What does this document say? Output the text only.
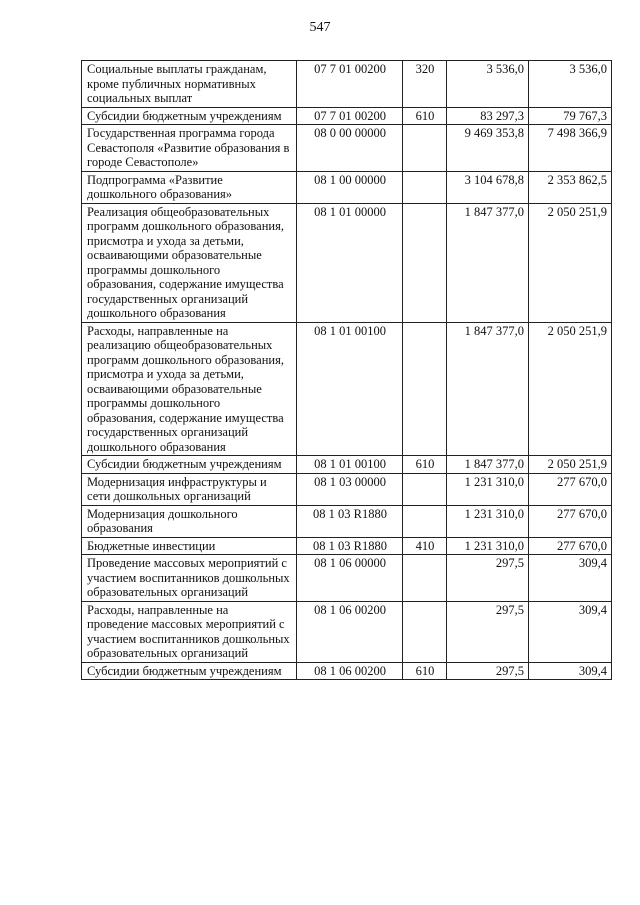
547
Социальные выплаты гражданам, кроме публичных нормативных социальных выплат	07 7 01 00200	320	3 536,0	3 536,0
Субсидии бюджетным учреждениям	07 7 01 00200	610	83 297,3	79 767,3
Государственная программа города Севастополя «Развитие образования в городе Севастополе»	08 0 00 00000		9 469 353,8	7 498 366,9
Подпрограмма «Развитие дошкольного образования»	08 1 00 00000		3 104 678,8	2 353 862,5
Реализация общеобразовательных программ дошкольного образования, присмотра и ухода за детьми, осваивающими образовательные программы дошкольного образования, содержание имущества государственных организаций дошкольного образования	08 1 01 00000		1 847 377,0	2 050 251,9
Расходы, направленные на реализацию общеобразовательных программ дошкольного образования, присмотра и ухода за детьми, осваивающими образовательные программы дошкольного образования, содержание имущества государственных организаций дошкольного образования	08 1 01 00100		1 847 377,0	2 050 251,9
Субсидии бюджетным учреждениям	08 1 01 00100	610	1 847 377,0	2 050 251,9
Модернизация инфраструктуры и сети дошкольных организаций	08 1 03 00000		1 231 310,0	277 670,0
Модернизация дошкольного образования	08 1 03 R1880		1 231 310,0	277 670,0
Бюджетные инвестиции	08 1 03 R1880	410	1 231 310,0	277 670,0
Проведение массовых мероприятий с участием воспитанников дошкольных образовательных организаций	08 1 06 00000		297,5	309,4
Расходы, направленные на проведение массовых мероприятий с участием воспитанников дошкольных образовательных организаций	08 1 06 00200		297,5	309,4
Субсидии бюджетным учреждениям	08 1 06 00200	610	297,5	309,4
